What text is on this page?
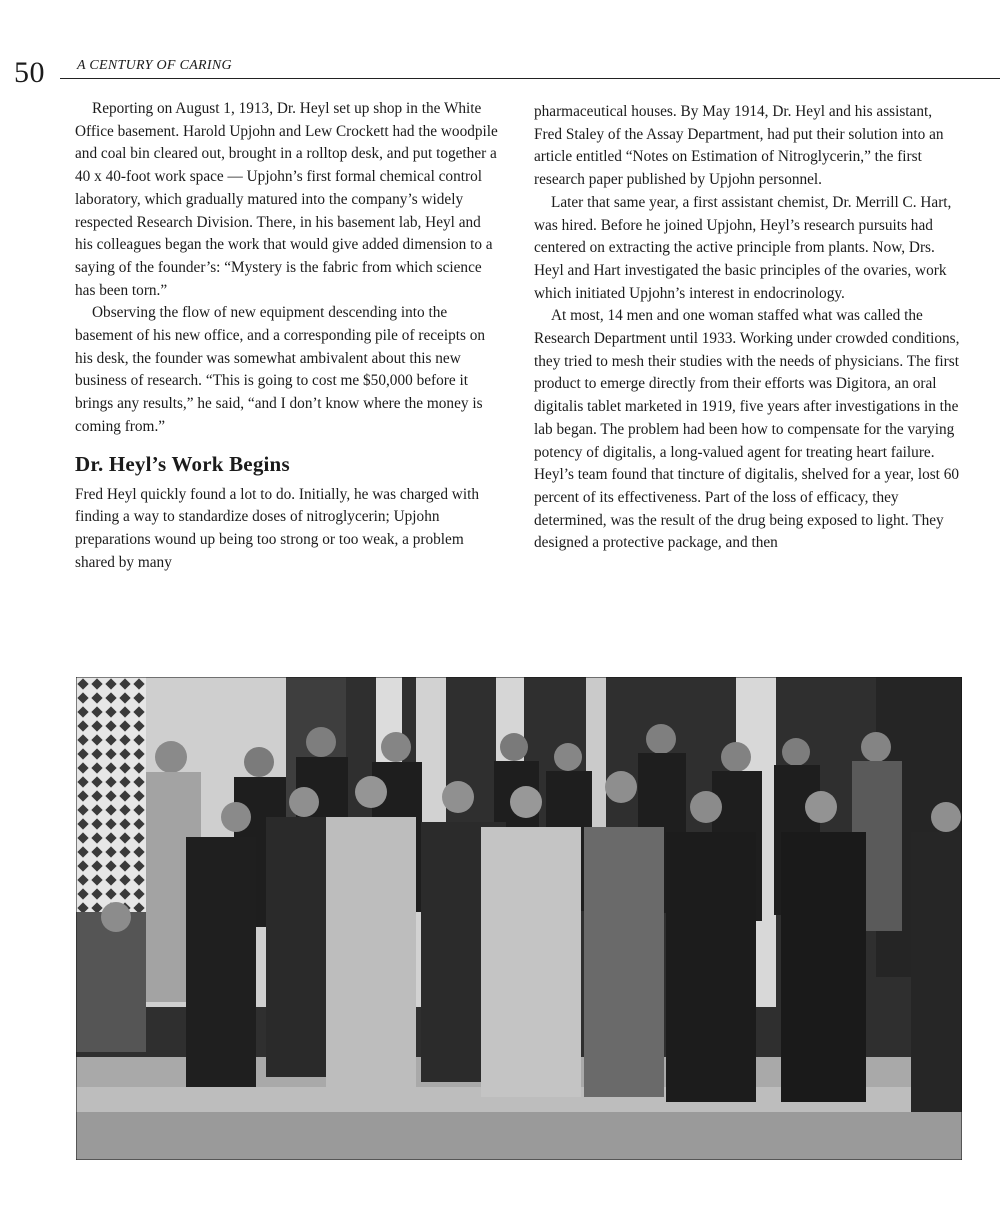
50 A CENTURY OF CARING

Reporting on August 1, 1913, Dr. Heyl set up shop in the White Office basement. Harold Upjohn and Lew Crockett had the woodpile and coal bin cleared out, brought in a rolltop desk, and put together a 40 x 40-foot work space — Upjohn’s first formal chemical control laboratory, which gradually matured into the company’s widely respected Research Division. There, in his basement lab, Heyl and his colleagues began the work that would give added dimension to a saying of the founder’s: “Mystery is the fabric from which science has been torn.”

Observing the flow of new equipment descending into the basement of his new office, and a corresponding pile of receipts on his desk, the founder was somewhat ambivalent about this new business of research. “This is going to cost me $50,000 before it brings any results,” he said, “and I don’t know where the money is coming from.”

Dr. Heyl’s Work Begins

Fred Heyl quickly found a lot to do. Initially, he was charged with finding a way to standardize doses of nitroglycerin; Upjohn preparations wound up being too strong or too weak, a problem shared by many

pharmaceutical houses. By May 1914, Dr. Heyl and his assistant, Fred Staley of the Assay Department, had put their solution into an article entitled “Notes on Estimation of Nitroglycerin,” the first research paper published by Upjohn personnel.

Later that same year, a first assistant chemist, Dr. Merrill C. Hart, was hired. Before he joined Upjohn, Heyl’s research pursuits had centered on extracting the active principle from plants. Now, Drs. Heyl and Hart investigated the basic principles of the ovaries, work which initiated Upjohn’s interest in endocrinology.

At most, 14 men and one woman staffed what was called the Research Department until 1933. Working under crowded conditions, they tried to mesh their studies with the needs of physicians. The first product to emerge directly from their efforts was Digitora, an oral digitalis tablet marketed in 1919, five years after investigations in the lab began. The problem had been how to compensate for the varying potency of digitalis, a long-valued agent for treating heart failure. Heyl’s team found that tincture of digitalis, shelved for a year, lost 60 percent of its effectiveness. Part of the loss of efficacy, they determined, was the result of the drug being exposed to light. They designed a protective package, and then
